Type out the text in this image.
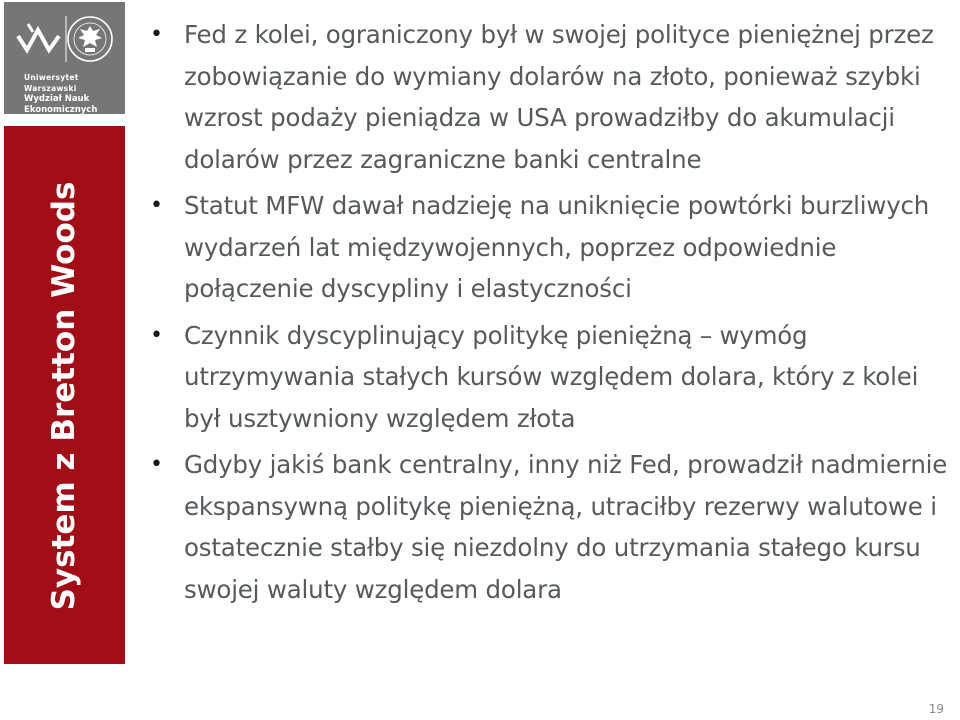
Uniwersytet Warszawski
Wydział Nauk
Ekonomicznych
System z Bretton Woods
• Fed z kolei, ograniczony był w swojej polityce pieniężnej przez zobowiązanie do wymiany dolarów na złoto, ponieważ szybki wzrost podaży pieniądza w USA prowadziłby do akumulacji dolarów przez zagraniczne banki centralne
• Statut MFW dawał nadzieję na uniknięcie powtórki burzliwych wydarzeń lat międzywojennych, poprzez odpowiednie połączenie dyscypliny i elastyczności
• Czynnik dyscyplinujący politykę pieniężną – wymóg utrzymywania stałych kursów względem dolara, który z kolei był usztywniony względem złota
• Gdyby jakiś bank centralny, inny niż Fed, prowadził nadmiernie ekspansywną politykę pieniężną, utraciłby rezerwy walutowe i ostatecznie stałby się niezdolny do utrzymania stałego kursu swojej waluty względem dolara
19
